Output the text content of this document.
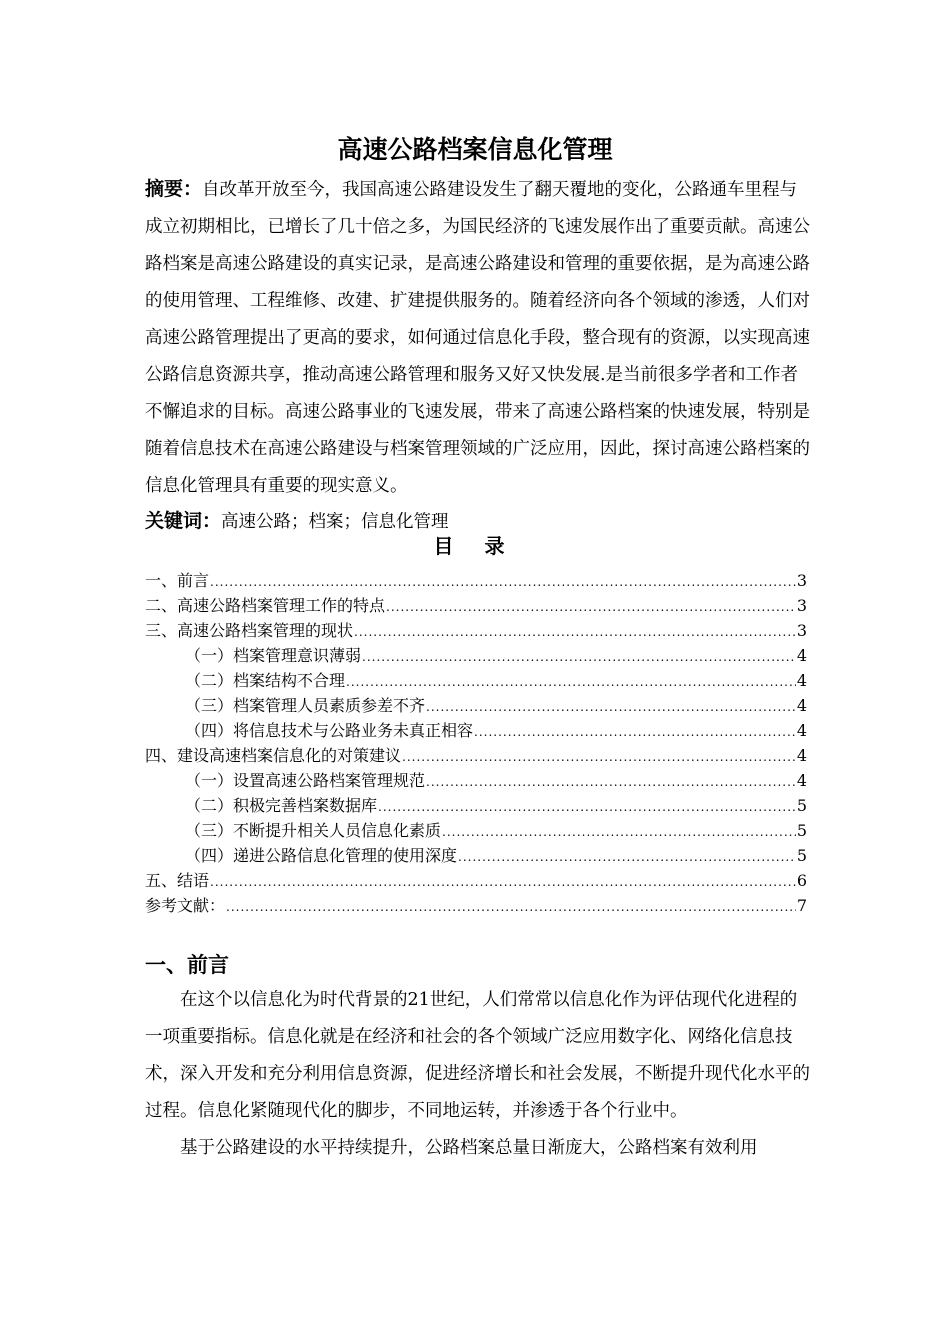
高速公路档案信息化管理
摘要：自改革开放至今，我国高速公路建设发生了翻天覆地的变化，公路通车里程与成立初期相比，已增长了几十倍之多，为国民经济的飞速发展作出了重要贡献。高速公路档案是高速公路建设的真实记录，是高速公路建设和管理的重要依据，是为高速公路的使用管理、工程维修、改建、扩建提供服务的。随着经济向各个领域的渗透，人们对高速公路管理提出了更高的要求，如何通过信息化手段，整合现有的资源，以实现高速公路信息资源共享，推动高速公路管理和服务又好又快发展.是当前很多学者和工作者不懈追求的目标。高速公路事业的飞速发展，带来了高速公路档案的快速发展，特别是随着信息技术在高速公路建设与档案管理领域的广泛应用，因此，探讨高速公路档案的信息化管理具有重要的现实意义。
关键词：高速公路；档案；信息化管理
目 录
一、前言 .....	3
二、高速公路档案管理工作的特点 .....	3
三、高速公路档案管理的现状 .....	3
（一）档案管理意识薄弱 .....	4
（二）档案结构不合理 .....	4
（三）档案管理人员素质参差不齐 .....	4
（四）将信息技术与公路业务未真正相容 .....	4
四、建设高速档案信息化的对策建议 .....	4
（一）设置高速公路档案管理规范 .....	4
（二）积极完善档案数据库 .....	5
（三）不断提升相关人员信息化素质 .....	5
（四）递进公路信息化管理的使用深度 .....	5
五、结语 .....	6
参考文献： .....	7
一、前言

在这个以信息化为时代背景的21世纪，人们常常以信息化作为评估现代化进程的一项重要指标。信息化就是在经济和社会的各个领域广泛应用数字化、网络化信息技术，深入开发和充分利用信息资源，促进经济增长和社会发展，不断提升现代化水平的过程。信息化紧随现代化的脚步，不同地运转，并渗透于各个行业中。

基于公路建设的水平持续提升，公路档案总量日渐庞大，公路档案有效利用
